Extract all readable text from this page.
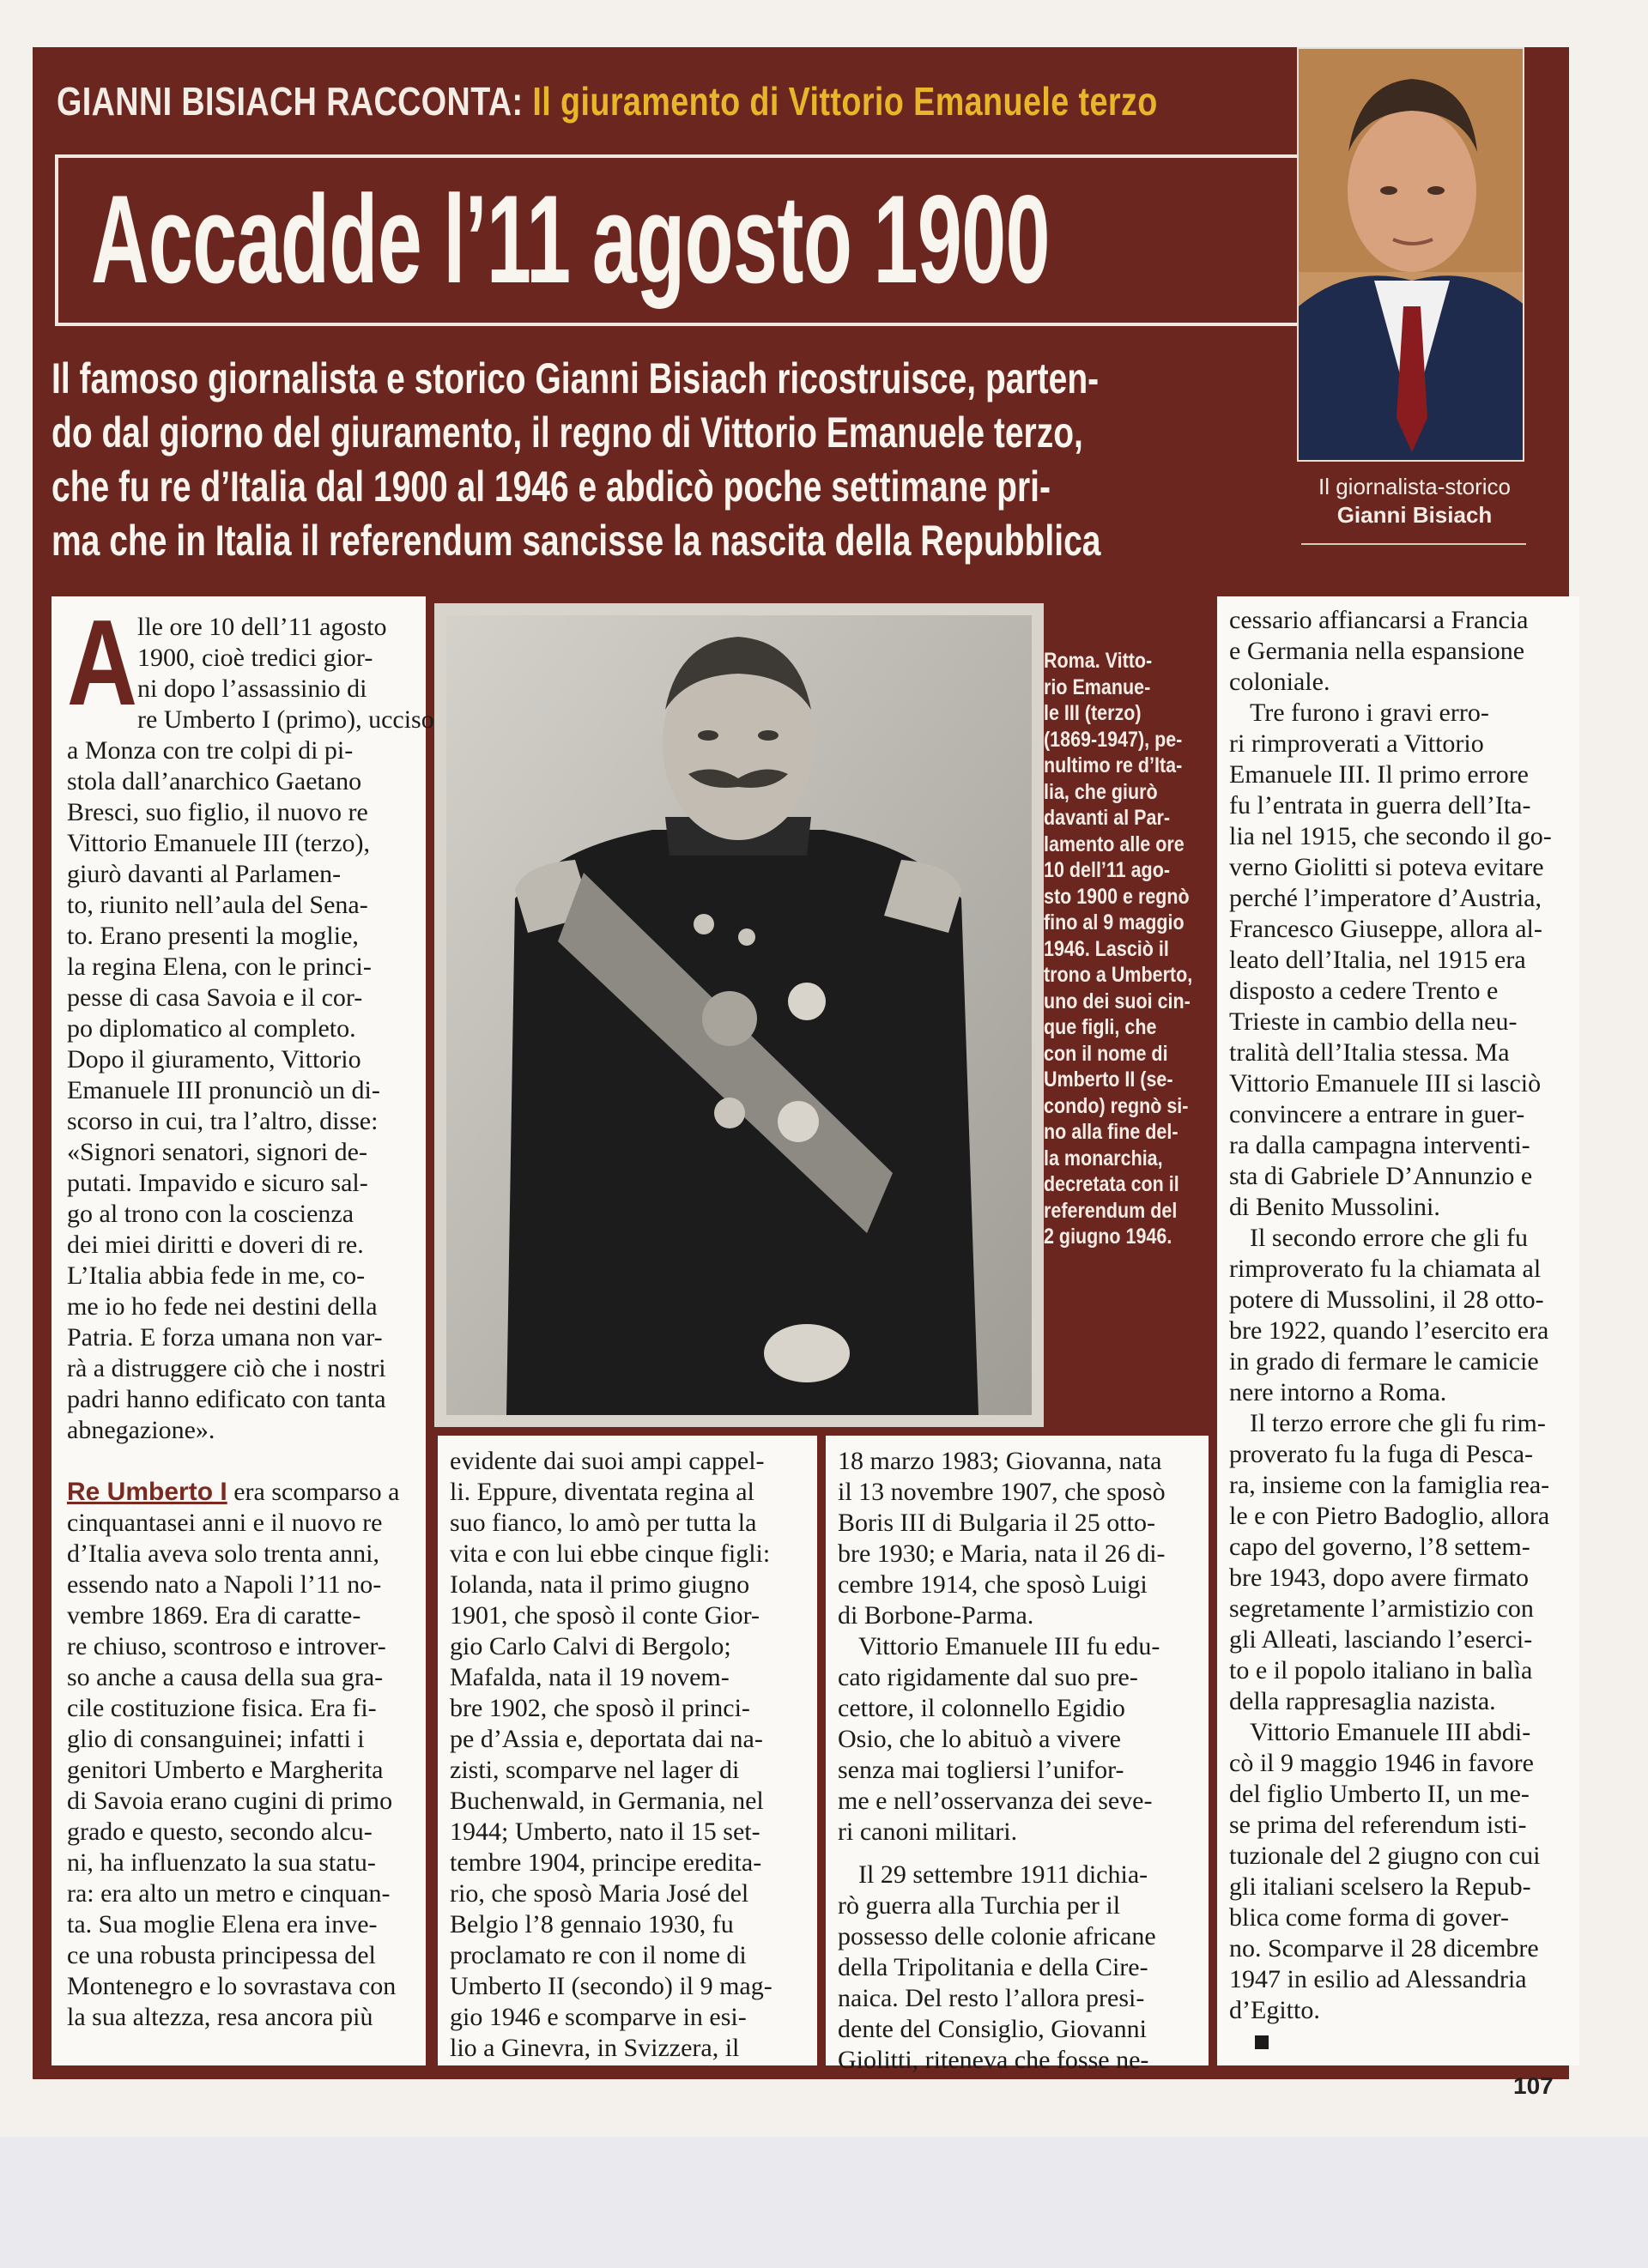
GIANNI BISIACH RACCONTA: Il giuramento di Vittorio Emanuele terzo
Accadde l’11 agosto 1900
Il giornalista-storico
Gianni Bisiach
Il famoso giornalista e storico Gianni Bisiach ricostruisce, parten-
do dal giorno del giuramento, il regno di Vittorio Emanuele terzo,
che fu re d’Italia dal 1900 al 1946 e abdicò poche settimane pri-
ma che in Italia il referendum sancisse la nascita della Repubblica
A lle ore 10 dell’11 agosto
1900, cioè tredici gior-
ni dopo l’assassinio di
re Umberto I (primo), ucciso
a Monza con tre colpi di pi-
stola dall’anarchico Gaetano
Bresci, suo figlio, il nuovo re
Vittorio Emanuele III (terzo),
giurò davanti al Parlamen-
to, riunito nell’aula del Sena-
to. Erano presenti la moglie,
la regina Elena, con le princi-
pesse di casa Savoia e il cor-
po diplomatico al completo.
Dopo il giuramento, Vittorio
Emanuele III pronunciò un di-
scorso in cui, tra l’altro, disse:
«Signori senatori, signori de-
putati. Impavido e sicuro sal-
go al trono con la coscienza
dei miei diritti e doveri di re.
L’Italia abbia fede in me, co-
me io ho fede nei destini della
Patria. E forza umana non var-
rà a distruggere ciò che i nostri
padri hanno edificato con tanta
abnegazione».
Re Umberto I era scomparso a
cinquantasei anni e il nuovo re
d’Italia aveva solo trenta anni,
essendo nato a Napoli l’11 no-
vembre 1869. Era di caratte-
re chiuso, scontroso e introver-
so anche a causa della sua gra-
cile costituzione fisica. Era fi-
glio di consanguinei; infatti i
genitori Umberto e Margherita
di Savoia erano cugini di primo
grado e questo, secondo alcu-
ni, ha influenzato la sua statu-
ra: era alto un metro e cinquan-
ta. Sua moglie Elena era inve-
ce una robusta principessa del
Montenegro e lo sovrastava con
la sua altezza, resa ancora più
Roma. Vitto-
rio Emanue-
le III (terzo)
(1869-1947), pe-
nultimo re d’Ita-
lia, che giurò
davanti al Par-
lamento alle ore
10 dell’11 ago-
sto 1900 e regnò
fino al 9 maggio
1946. Lasciò il
trono a Umberto,
uno dei suoi cin-
que figli, che
con il nome di
Umberto II (se-
condo) regnò si-
no alla fine del-
la monarchia,
decretata con il
referendum del
2 giugno 1946.
evidente dai suoi ampi cappel-
li. Eppure, diventata regina al
suo fianco, lo amò per tutta la
vita e con lui ebbe cinque figli:
Iolanda, nata il primo giugno
1901, che sposò il conte Gior-
gio Carlo Calvi di Bergolo;
Mafalda, nata il 19 novem-
bre 1902, che sposò il princi-
pe d’Assia e, deportata dai na-
zisti, scomparve nel lager di
Buchenwald, in Germania, nel
1944; Umberto, nato il 15 set-
tembre 1904, principe eredita-
rio, che sposò Maria José del
Belgio l’8 gennaio 1930, fu
proclamato re con il nome di
Umberto II (secondo) il 9 mag-
gio 1946 e scomparve in esi-
lio a Ginevra, in Svizzera, il
18 marzo 1983; Giovanna, nata
il 13 novembre 1907, che sposò
Boris III di Bulgaria il 25 otto-
bre 1930; e Maria, nata il 26 di-
cembre 1914, che sposò Luigi
di Borbone-Parma.
Vittorio Emanuele III fu edu-
cato rigidamente dal suo pre-
cettore, il colonnello Egidio
Osio, che lo abituò a vivere
senza mai togliersi l’unifor-
me e nell’osservanza dei seve-
ri canoni militari.
Il 29 settembre 1911 dichia-
rò guerra alla Turchia per il
possesso delle colonie africane
della Tripolitania e della Cire-
naica. Del resto l’allora presi-
dente del Consiglio, Giovanni
Giolitti, riteneva che fosse ne-
cessario affiancarsi a Francia
e Germania nella espansione
coloniale.
Tre furono i gravi erro-
ri rimproverati a Vittorio
Emanuele III. Il primo errore
fu l’entrata in guerra dell’Ita-
lia nel 1915, che secondo il go-
verno Giolitti si poteva evitare
perché l’imperatore d’Austria,
Francesco Giuseppe, allora al-
leato dell’Italia, nel 1915 era
disposto a cedere Trento e
Trieste in cambio della neu-
tralità dell’Italia stessa. Ma
Vittorio Emanuele III si lasciò
convincere a entrare in guer-
ra dalla campagna interventi-
sta di Gabriele D’Annunzio e
di Benito Mussolini.
Il secondo errore che gli fu
rimproverato fu la chiamata al
potere di Mussolini, il 28 otto-
bre 1922, quando l’esercito era
in grado di fermare le camicie
nere intorno a Roma.
Il terzo errore che gli fu rim-
proverato fu la fuga di Pesca-
ra, insieme con la famiglia rea-
le e con Pietro Badoglio, allora
capo del governo, l’8 settem-
bre 1943, dopo avere firmato
segretamente l’armistizio con
gli Alleati, lasciando l’eserci-
to e il popolo italiano in balìa
della rappresaglia nazista.
Vittorio Emanuele III abdi-
cò il 9 maggio 1946 in favore
del figlio Umberto II, un me-
se prima del referendum isti-
tuzionale del 2 giugno con cui
gli italiani scelsero la Repub-
blica come forma di gover-
no. Scomparve il 28 dicembre
1947 in esilio ad Alessandria
d’Egitto.
107
